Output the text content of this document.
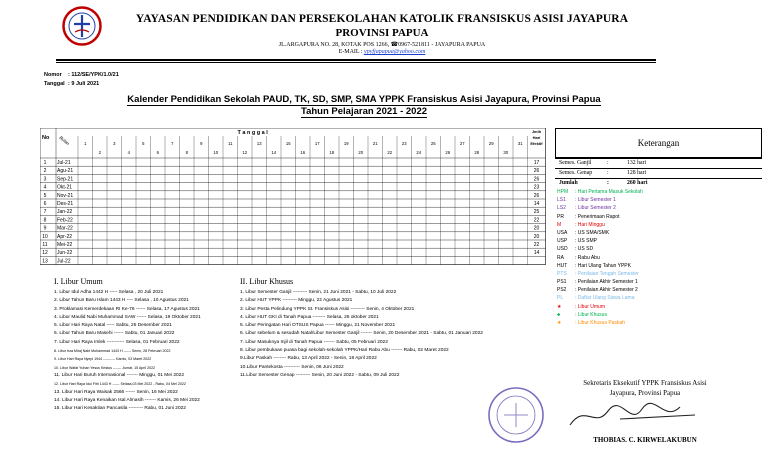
YAYASAN PENDIDIKAN DAN PERSEKOLAHAN KATOLIK FRANSISKUS ASISI JAYAPURA
PROVINSI PAPUA
JL.ARGAPURA NO. 28, KOTAK POS 1266, ☎0967-521811 - JAYAPURA PAPUA
E-MAIL : ypyfjapapua@yahoo.com
Nomor : 112/SE/YPK/1.0/21
Tanggal : 9 Juli 2021
Kalender Pendidikan Sekolah PAUD, TK, SD, SMP, SMA YPPK Fransiskus Asisi Jayapura, Provinsi Papua
Tahun Pelajaran 2021 - 2022
No Bulan
T a n g g a l	Jmlh
Hari
Efektif
1	3	5	7	9	11	13	15	17	19	21	23	25	27	29	31
2	4	6	8	10	12	14	16	18	20	22	24	26	28	30
1 Jul-21	17
2 Agu-21	26
3 Sep-21	26
4 Okt-21	23
5 Nov-21	26
6 Des-21	14
7 Jan-22	25
8 Feb-22	22
9 Mar-22	20
10 Apr-22	20
11 Mei-22	22
12 Jun-22	14
13 Jul-22
Keterangan
Semes. Ganjil	:	132 hari
Semes. Genap	:	128 hari
Jumlah	:	260 hari
HPM : Hari Pertama Masuk Sekolah
LS1 : Libur Semester 1
LS2 : Libur Semester 2
PR : Penerimaan Rapot
M	: Hari Minggu
USA : US SMA/SMK
USP : US SMP
USD : US SD
RA : Rabu Abu
HUT : Hari Ulang Tahun YPPK
PTS : Penilaian Tengah Semester
PS1 : Penilaian Akhir Semester 1
PS2 : Penilaian Akhir Semester 2
PL : Daftar Ulang Siswa Lama
★	: Libur Umum
♣	: Libur Khusus
★	: Libur Khusus Paskah
I. Libur Umum
1. Libur Idul Adha 1442 H ----- Selasa , 20 Juli 2021
2. Libur Tahun Baru Islam 1443 H ---- Selasa , 10 Agustus 2021
3. Proklamasi Kemerdekaan RI Ke-76 ------ Selasa, 17 Agustus 2021
4. Libur Maulid Nabi Muhammad SAW ------ Selasa, 19 Oktober 2021
5. Libur Hari Raya Natal ----- Sabtu, 25 Desember 2021
6. Libur Tahun Baru Masehi ------ Sabtu, 01 Januari 2022
7. Libur Hari Raya Imlek ----------- Selasa, 01 Februari 2022
8. Libur Isra Miraj Nabi Muhammad 1443 H ------ Senin, 28 Februari 2022
9. Libur Hari Raya Nyepi 1944 ---------- Kamis, 03 Maret 2022
10. Libur Wafat Yuhan Yesus Kristus ------- Jumat, 15 April 2022
11. Libur Hari Buruh Internasional ------- Minggu, 01 Mei 2022
12. Libur Hari Raya Idul Fitri 1443 H ------ Selasa,03 Mei 2022 - Rabu, 04 Mei 2022
13. Libur Hari Raya Waisak 2566 ------ Senin, 16 Mei 2022
14. Libur Hari Raya Kenaikan Isal Almasih ------- Kamis, 26 Mei 2022
15. Libur Hari Kesaktian Pancasila --------- Rabu, 01 Juni 2022
II. Libur Khusus
1. Libur Semester Ganjil --------- Senin, 21 Juni 2021 - Sabtu, 10 Juli 2022
2. Libur HUT YPPK --------- Minggu, 22 Agustus 2021
3. Libur Pesta Pelindung YPPK St. Fransiskus Asisi --------- Senin, 4 Oktober 2021
4. Libur HUT GKI di Tanah Papua -------- Selasa, 26 oktober 2021
5. Libur Peringatan Hari OTSUS Papua ------ Minggu, 21 November 2021
6. Libur sebelum & sesudah Natal/Libur Semester Ganjil ------- Senin, 20 Desember 2021 - Sabtu, 01 Januari 2022
7. Libur Masuknya Injil di Tanah Papua ------- Sabtu, 05 Februari 2022
8. Libur pembukaan puasa bagi sekolah-sekolah YPPK/Hari Rabu Abu ------- Rabu, 02 Maret 2022
9.Libur Paskah -------- Rabu, 13 April 2022 - Senin, 18 April 2022
10.Libur Pantekosta ---------- Senin, 06 Juni 2022
11.Libur Semester Genap --------- Senin, 20 Juni 2022 - Sabtu, 09 Juli 2022
Sekretaris Eksekutif YPPK Fransiskus Asisi
Jayapura, Provinsi Papua
THOBIAS. C. KIRWELAKUBUN
